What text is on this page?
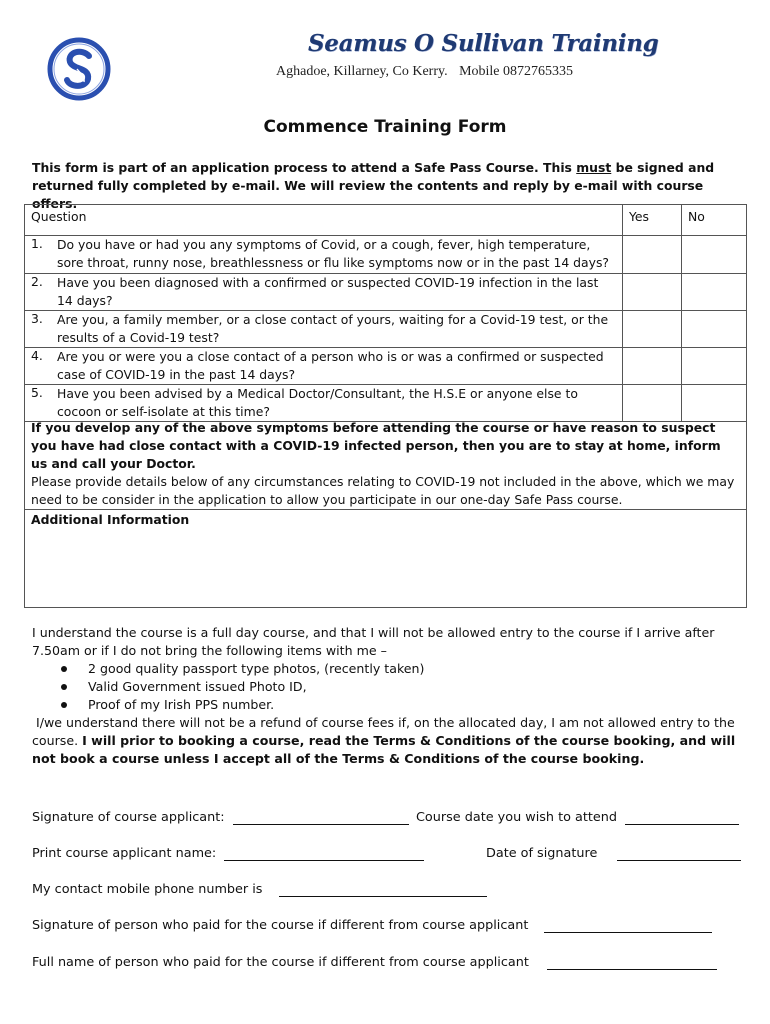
Seamus O Sullivan Training
Aghadoe, Killarney, Co Kerry. Mobile 0872765335
Commence Training Form
This form is part of an application process to attend a Safe Pass Course. This must be signed and returned fully completed by e-mail. We will review the contents and reply by e-mail with course offers.
Question		Yes	No
1.	Do you have or had you any symptoms of Covid, or a cough, fever, high temperature, sore throat, runny nose, breathlessness or flu like symptoms now or in the past 14 days?		
2.	Have you been diagnosed with a confirmed or suspected COVID-19 infection in the last 14 days?		
3.	Are you, a family member, or a close contact of yours, waiting for a Covid-19 test, or the results of a Covid-19 test?		
4.	Are you or were you a close contact of a person who is or was a confirmed or suspected case of COVID-19 in the past 14 days?		
5.	Have you been advised by a Medical Doctor/Consultant, the H.S.E or anyone else to cocoon or self-isolate at this time?		
If you develop any of the above symptoms before attending the course or have reason to suspect you have had close contact with a COVID-19 infected person, then you are to stay at home, inform us and call your Doctor.
Please provide details below of any circumstances relating to COVID-19 not included in the above, which we may need to be consider in the application to allow you participate in our one-day Safe Pass course.
Additional Information
I understand the course is a full day course, and that I will not be allowed entry to the course if I arrive after 7.50am or if I do not bring the following items with me –
2 good quality passport type photos, (recently taken)
Valid Government issued Photo ID,
Proof of my Irish PPS number.
I/we understand there will not be a refund of course fees if, on the allocated day, I am not allowed entry to the course. I will prior to booking a course, read the Terms & Conditions of the course booking, and will not book a course unless I accept all of the Terms & Conditions of the course booking.
Signature of course applicant:	Course date you wish to attend
Print course applicant name:	Date of signature
My contact mobile phone number is
Signature of person who paid for the course if different from course applicant
Full name of person who paid for the course if different from course applicant
